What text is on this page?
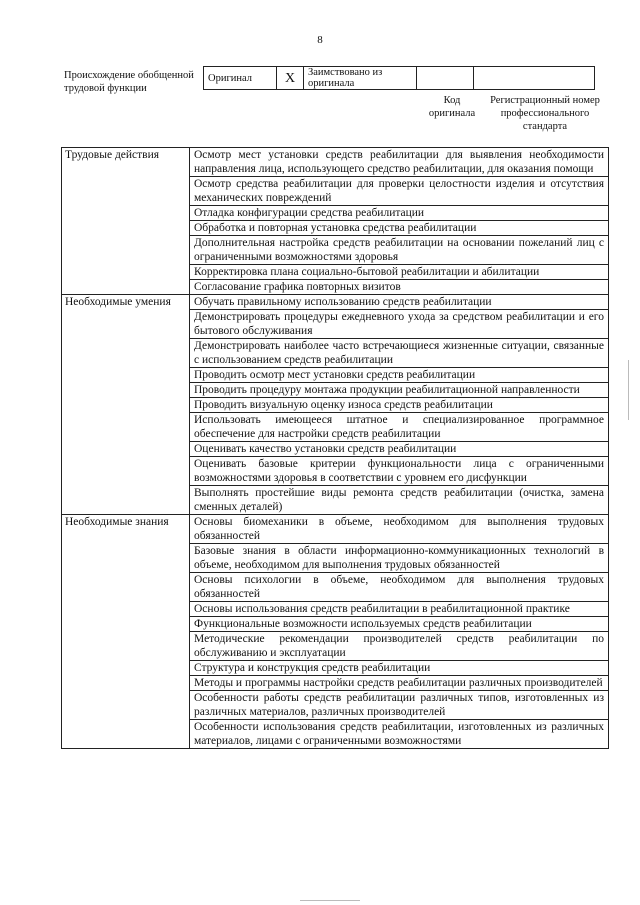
8
Происхождение обобщенной трудовой функции
Оригинал	X	Заимствовано из оригинала		
Код оригинала
Регистрационный номер профессионального стандарта
Трудовые действия	Осмотр мест установки средств реабилитации для выявления необходимости направления лица, использующего средство реабилитации, для оказания помощи
	Осмотр средства реабилитации для проверки целостности изделия и отсутствия механических повреждений
	Отладка конфигурации средства реабилитации
	Обработка и повторная установка средства реабилитации
	Дополнительная настройка средств реабилитации на основании пожеланий лиц с ограниченными возможностями здоровья
	Корректировка плана социально-бытовой реабилитации и абилитации
	Согласование графика повторных визитов
Необходимые умения	Обучать правильному использованию средств реабилитации
	Демонстрировать процедуры ежедневного ухода за средством реабилитации и его бытового обслуживания
	Демонстрировать наиболее часто встречающиеся жизненные ситуации, связанные с использованием средств реабилитации
	Проводить осмотр мест установки средств реабилитации
	Проводить процедуру монтажа продукции реабилитационной направленности
	Проводить визуальную оценку износа средств реабилитации
	Использовать имеющееся штатное и специализированное программное обеспечение для настройки средств реабилитации
	Оценивать качество установки средств реабилитации
	Оценивать базовые критерии функциональности лица с ограниченными возможностями здоровья в соответствии с уровнем его дисфункции
	Выполнять простейшие виды ремонта средств реабилитации (очистка, замена сменных деталей)
Необходимые знания	Основы биомеханики в объеме, необходимом для выполнения трудовых обязанностей
	Базовые знания в области информационно-коммуникационных технологий в объеме, необходимом для выполнения трудовых обязанностей
	Основы психологии в объеме, необходимом для выполнения трудовых обязанностей
	Основы использования средств реабилитации в реабилитационной практике
	Функциональные возможности используемых средств реабилитации
	Методические рекомендации производителей средств реабилитации по обслуживанию и эксплуатации
	Структура и конструкция средств реабилитации
	Методы и программы настройки средств реабилитации различных производителей
	Особенности работы средств реабилитации различных типов, изготовленных из различных материалов, различных производителей
	Особенности использования средств реабилитации, изготовленных из различных материалов, лицами с ограниченными возможностями
